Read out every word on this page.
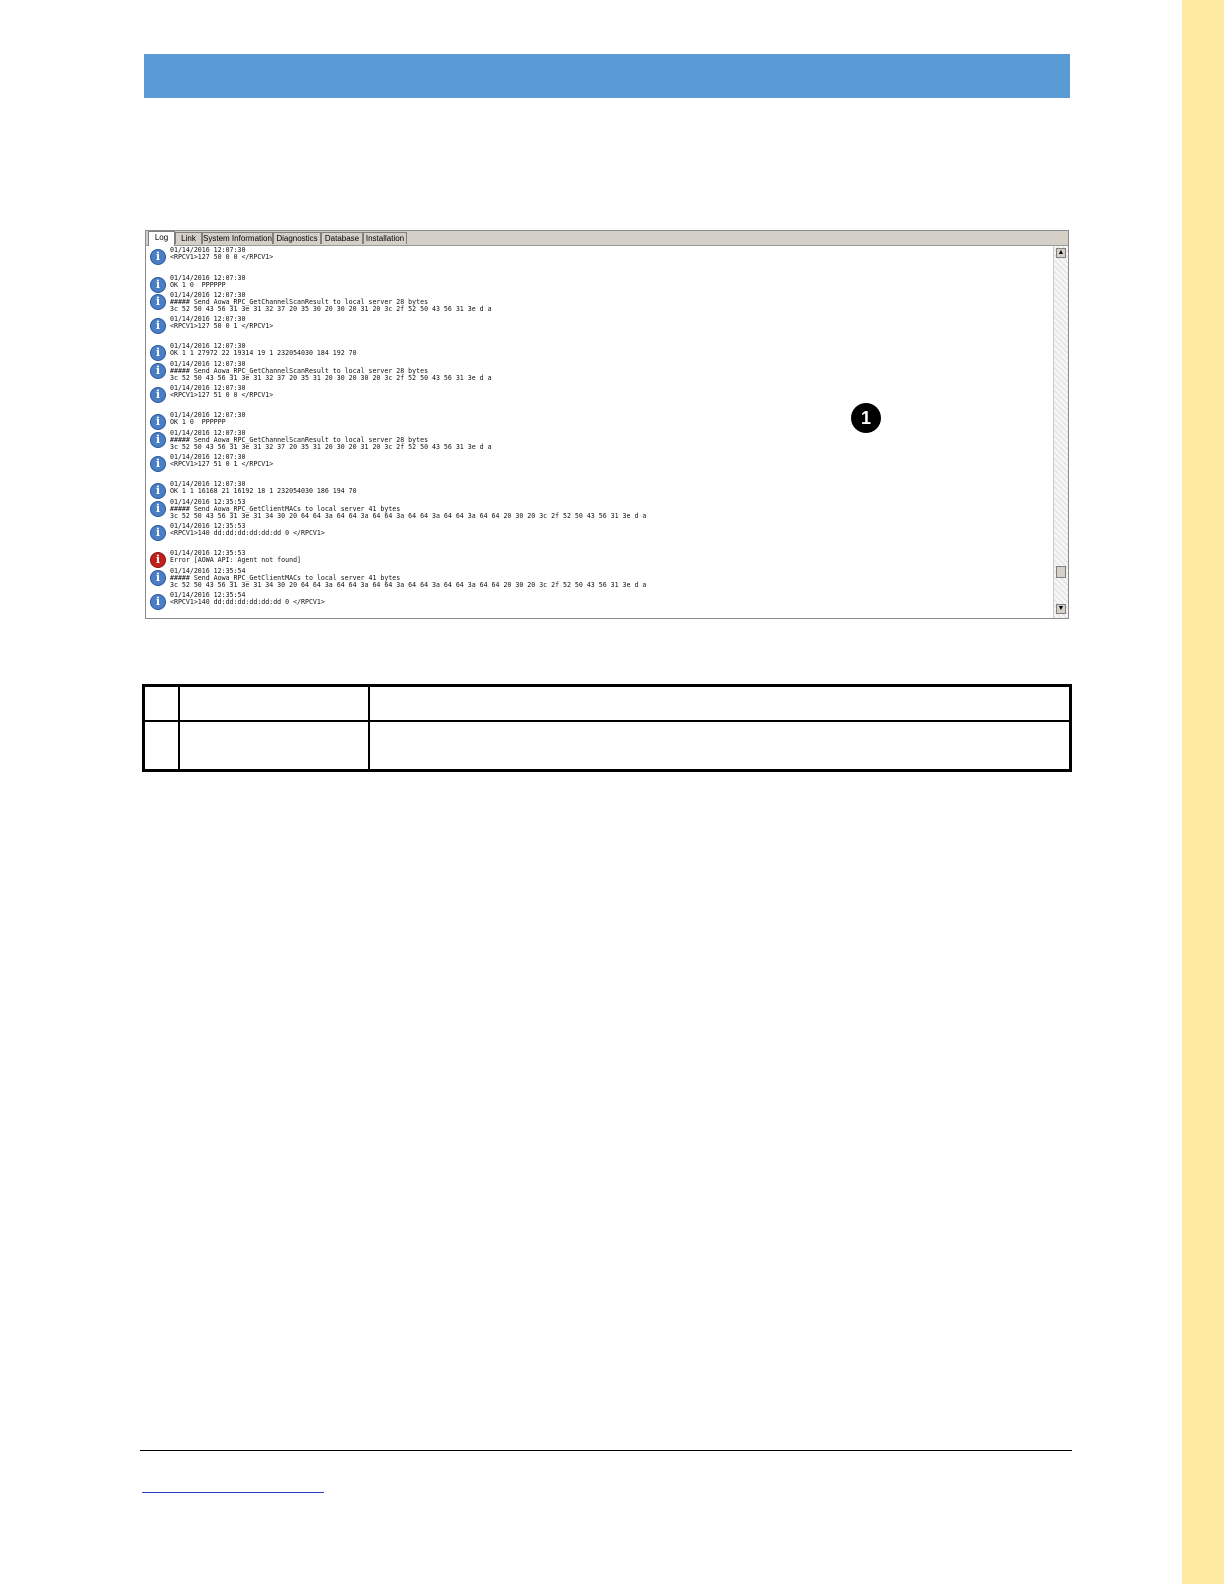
Log	Link System Information Diagnostics Database Installation
i	01/14/2016 12:07:30
<RPCV1>127 50 0 0 </RPCV1>
i	01/14/2016 12:07:30
OK 1 0  PPPPPP
i	01/14/2016 12:07:30
##### Send Aowa_RPC_GetChannelScanResult to local server 28 bytes
3c 52 50 43 56 31 3e 31 32 37 20 35 30 20 30 20 31 20 3c 2f 52 50 43 56 31 3e d a
i	01/14/2016 12:07:30
<RPCV1>127 50 0 1 </RPCV1>
i	01/14/2016 12:07:30
OK 1 1 27972 22 19314 19 1 232054030 184 192 70
i	01/14/2016 12:07:30
##### Send Aowa_RPC_GetChannelScanResult to local server 28 bytes
3c 52 50 43 56 31 3e 31 32 37 20 35 31 20 30 20 30 20 3c 2f 52 50 43 56 31 3e d a
i	01/14/2016 12:07:30
<RPCV1>127 51 0 0 </RPCV1>
i	01/14/2016 12:07:30
OK 1 0  PPPPPP
i	01/14/2016 12:07:30
##### Send Aowa_RPC_GetChannelScanResult to local server 28 bytes
3c 52 50 43 56 31 3e 31 32 37 20 35 31 20 30 20 31 20 3c 2f 52 50 43 56 31 3e d a
i	01/14/2016 12:07:30
<RPCV1>127 51 0 1 </RPCV1>
i	01/14/2016 12:07:30
OK 1 1 16168 21 16192 18 1 232054030 186 194 70
i	01/14/2016 12:35:53
##### Send Aowa_RPC_GetClientMACs to local server 41 bytes
3c 52 50 43 56 31 3e 31 34 30 20 64 64 3a 64 64 3a 64 64 3a 64 64 3a 64 64 3a 64 64 20 30 20 3c 2f 52 50 43 56 31 3e d a
i	01/14/2016 12:35:53
<RPCV1>140 dd:dd:dd:dd:dd:dd 0 </RPCV1>
i	01/14/2016 12:35:53
Error [AOWA API: Agent not found]
i	01/14/2016 12:35:54
##### Send Aowa_RPC_GetClientMACs to local server 41 bytes
3c 52 50 43 56 31 3e 31 34 30 20 64 64 3a 64 64 3a 64 64 3a 64 64 3a 64 64 3a 64 64 20 30 20 3c 2f 52 50 43 56 31 3e d a
i	01/14/2016 12:35:54
<RPCV1>140 dd:dd:dd:dd:dd:dd 0 </RPCV1>
▲
▼
1
